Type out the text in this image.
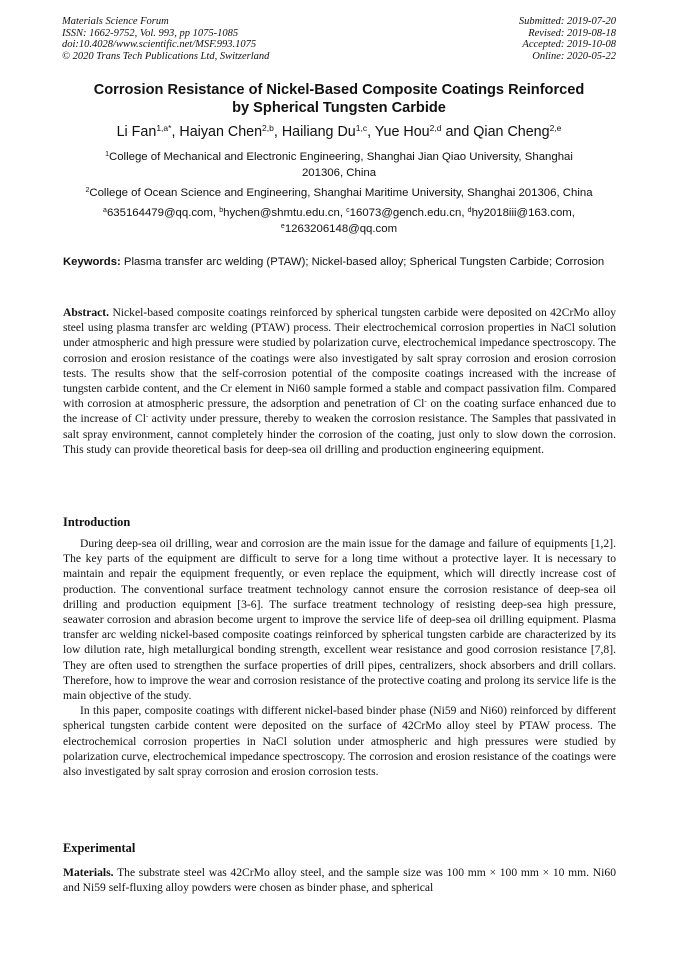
Materials Science Forum
ISSN: 1662-9752, Vol. 993, pp 1075-1085
doi:10.4028/www.scientific.net/MSF.993.1075
© 2020 Trans Tech Publications Ltd, Switzerland
Submitted: 2019-07-20
Revised: 2019-08-18
Accepted: 2019-10-08
Online: 2020-05-22
Corrosion Resistance of Nickel-Based Composite Coatings Reinforced
by Spherical Tungsten Carbide
Li Fan$^{1,a*}$, Haiyan Chen$^{2,b}$, Hailiang Du$^{1,c}$, Yue Hou$^{2,d}$ and Qian Cheng$^{2,e}$
$^1$College of Mechanical and Electronic Engineering, Shanghai Jian Qiao University, Shanghai
201306, China
$^2$College of Ocean Science and Engineering, Shanghai Maritime University, Shanghai 201306, China
$^a$635164479@qq.com, $^b$hychen@shmtu.edu.cn, $^c$16073@gench.edu.cn, $^d$hy2018iii@163.com,
$^e$1263206148@qq.com
Keywords: Plasma transfer arc welding (PTAW); Nickel-based alloy; Spherical Tungsten Carbide; Corrosion
Abstract. Nickel-based composite coatings reinforced by spherical tungsten carbide were deposited on 42CrMo alloy steel using plasma transfer arc welding (PTAW) process. Their electrochemical corrosion properties in NaCl solution under atmospheric and high pressure were studied by polarization curve, electrochemical impedance spectroscopy. The corrosion and erosion resistance of the coatings were also investigated by salt spray corrosion and erosion corrosion tests. The results show that the self-corrosion potential of the composite coatings increased with the increase of tungsten carbide content, and the Cr element in Ni60 sample formed a stable and compact passivation film. Compared with corrosion at atmospheric pressure, the adsorption and penetration of Cl- on the coating surface enhanced due to the increase of Cl- activity under pressure, thereby to weaken the corrosion resistance. The Samples that passivated in salt spray environment, cannot completely hinder the corrosion of the coating, just only to slow down the corrosion. This study can provide theoretical basis for deep-sea oil drilling and production engineering equipment.
Introduction

During deep-sea oil drilling, wear and corrosion are the main issue for the damage and failure of equipments [1,2]. The key parts of the equipment are difficult to serve for a long time without a protective layer. It is necessary to maintain and repair the equipment frequently, or even replace the equipment, which will directly increase cost of production. The conventional surface treatment technology cannot ensure the corrosion resistance of deep-sea oil drilling and production equipment [3-6]. The surface treatment technology of resisting deep-sea high pressure, seawater corrosion and abrasion become urgent to improve the service life of deep-sea oil drilling equipment. Plasma transfer arc welding nickel-based composite coatings reinforced by spherical tungsten carbide are characterized by its low dilution rate, high metallurgical bonding strength, excellent wear resistance and good corrosion resistance [7,8]. They are often used to strengthen the surface properties of drill pipes, centralizers, shock absorbers and drill collars. Therefore, how to improve the wear and corrosion resistance of the protective coating and prolong its service life is the main objective of the study.

In this paper, composite coatings with different nickel-based binder phase (Ni59 and Ni60) reinforced by different spherical tungsten carbide content were deposited on the surface of 42CrMo alloy steel by PTAW process. The electrochemical corrosion properties in NaCl solution under atmospheric and high pressures were studied by polarization curve, electrochemical impedance spectroscopy. The corrosion and erosion resistance of the coatings were also investigated by salt spray corrosion and erosion corrosion tests.

Experimental
Materials. The substrate steel was 42CrMo alloy steel, and the sample size was 100 mm × 100 mm × 10 mm. Ni60 and Ni59 self-fluxing alloy powders were chosen as binder phase, and spherical
